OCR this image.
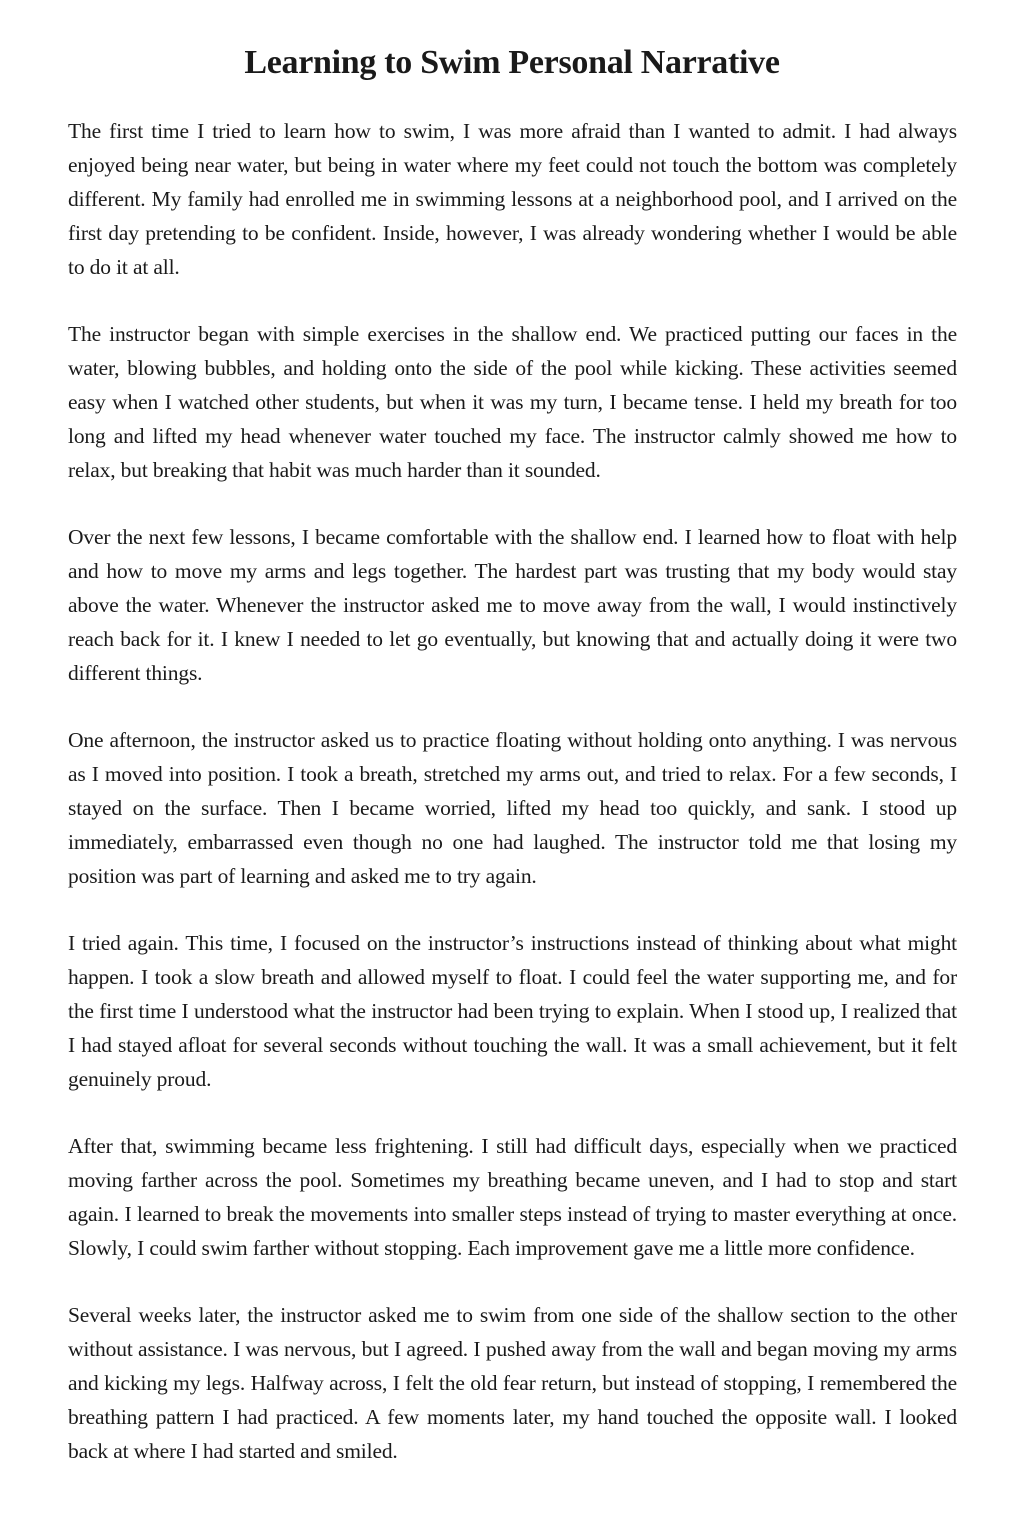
Learning to Swim Personal Narrative

The first time I tried to learn how to swim, I was more afraid than I wanted to admit. I had always enjoyed being near water, but being in water where my feet could not touch the bottom was completely different. My family had enrolled me in swimming lessons at a neighborhood pool, and I arrived on the first day pretending to be confident. Inside, however, I was already wondering whether I would be able to do it at all.

The instructor began with simple exercises in the shallow end. We practiced putting our faces in the water, blowing bubbles, and holding onto the side of the pool while kicking. These activities seemed easy when I watched other students, but when it was my turn, I became tense. I held my breath for too long and lifted my head whenever water touched my face. The instructor calmly showed me how to relax, but breaking that habit was much harder than it sounded.

Over the next few lessons, I became comfortable with the shallow end. I learned how to float with help and how to move my arms and legs together. The hardest part was trusting that my body would stay above the water. Whenever the instructor asked me to move away from the wall, I would instinctively reach back for it. I knew I needed to let go eventually, but knowing that and actually doing it were two different things.

One afternoon, the instructor asked us to practice floating without holding onto anything. I was nervous as I moved into position. I took a breath, stretched my arms out, and tried to relax. For a few seconds, I stayed on the surface. Then I became worried, lifted my head too quickly, and sank. I stood up immediately, embarrassed even though no one had laughed. The instructor told me that losing my position was part of learning and asked me to try again.

I tried again. This time, I focused on the instructor’s instructions instead of thinking about what might happen. I took a slow breath and allowed myself to float. I could feel the water supporting me, and for the first time I understood what the instructor had been trying to explain. When I stood up, I realized that I had stayed afloat for several seconds without touching the wall. It was a small achievement, but it felt genuinely proud.

After that, swimming became less frightening. I still had difficult days, especially when we practiced moving farther across the pool. Sometimes my breathing became uneven, and I had to stop and start again. I learned to break the movements into smaller steps instead of trying to master everything at once. Slowly, I could swim farther without stopping. Each improvement gave me a little more confidence.

Several weeks later, the instructor asked me to swim from one side of the shallow section to the other without assistance. I was nervous, but I agreed. I pushed away from the wall and began moving my arms and kicking my legs. Halfway across, I felt the old fear return, but instead of stopping, I remembered the breathing pattern I had practiced. A few moments later, my hand touched the opposite wall. I looked back at where I had started and smiled.
